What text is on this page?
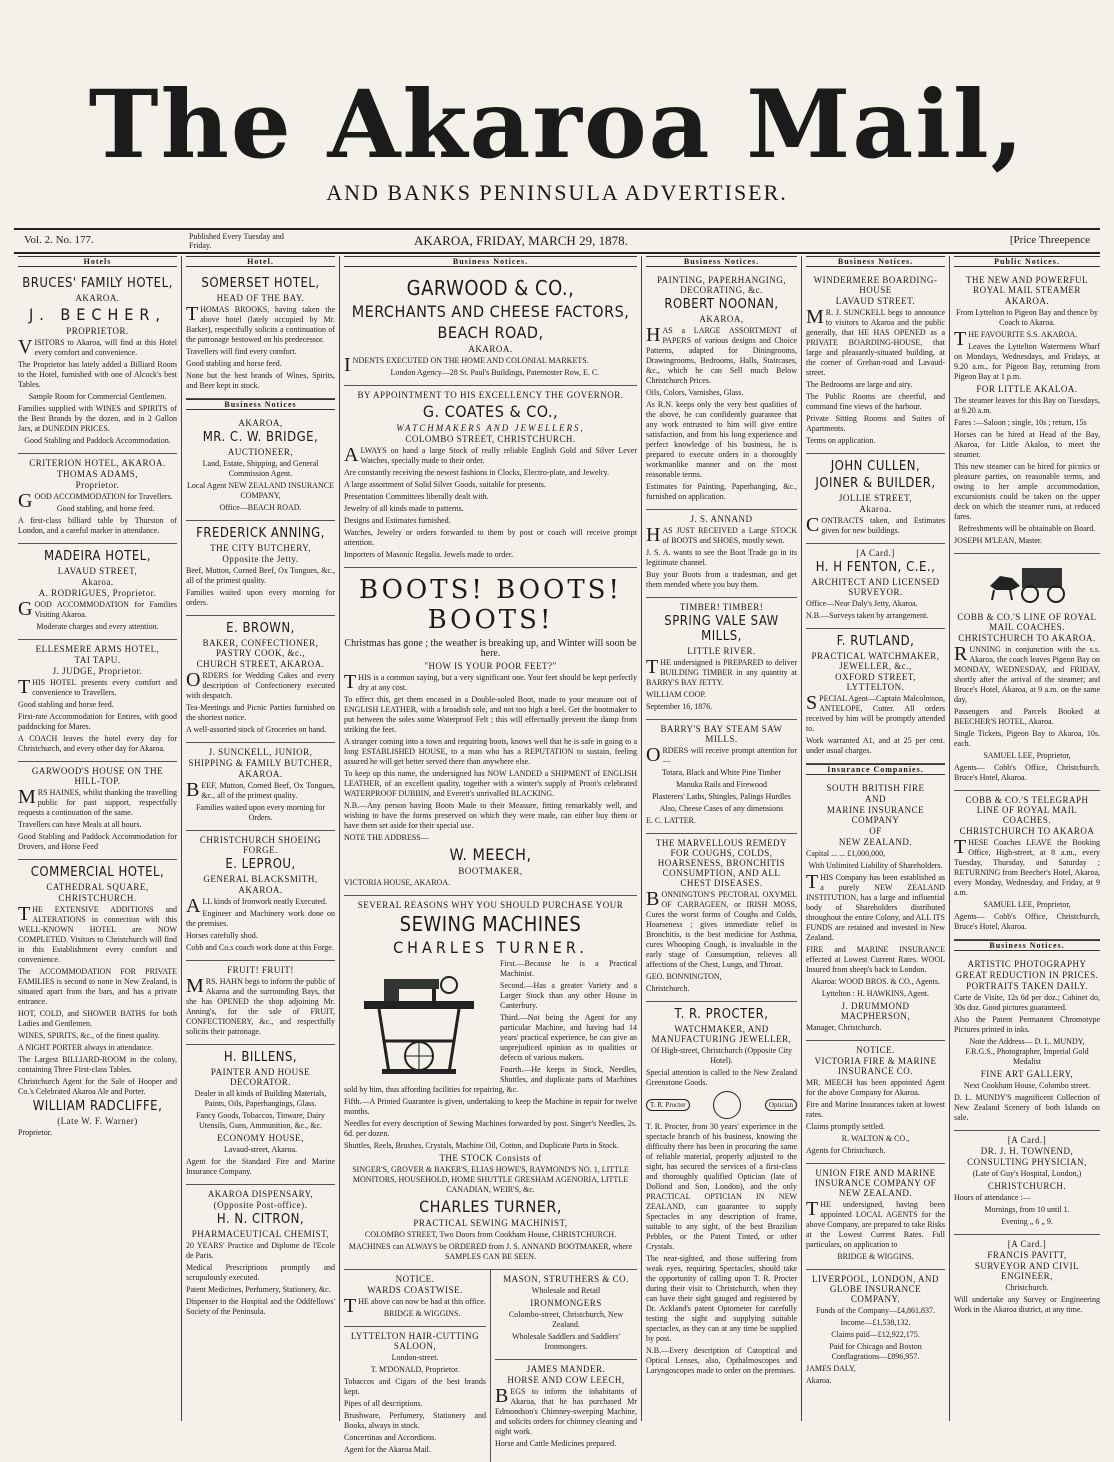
The Akaroa Mail,
AND BANKS PENINSULA ADVERTISER.
Vol. 2. No. 177.	Published Every Tuesday and Friday.	AKAROA, FRIDAY, MARCH 29, 1878.	[Price Threepence
Hotels
BRUCES' FAMILY HOTEL,
AKAROA.
J. BECHER,
PROPRIETOR.

VISITORS to Akaroa, will find at this Hotel every comfort and convenience.

The Proprietor has lately added a Billiard Room to the Hotel, furnished with one of Alcock's best Tables.

Sample Room for Commercial Gentlemen.

Families supplied with WINES and SPIRITS of the Best Brands by the dozen, and in 2 Gallon Jars, at DUNEDIN PRICES.

Good Stabling and Paddock Accommodation.

CRITERION HOTEL, AKAROA.
THOMAS ADAMS,
Proprietor.

GOOD ACCOMMODATION for Travellers.

Good stabling, and horse feed.

A first-class billiard table by Thurston of London, and a careful marker in attendance.

MADEIRA HOTEL,
LAVAUD STREET,
Akaroa.
A. RODRIGUES, Proprietor.

GOOD ACCOMMODATION for Families Visiting Akaroa.

Moderate charges and every attention.

ELLESMERE ARMS HOTEL,
TAI TAPU.
J. JUDGE, Proprietor.

THIS HOTEL presents every comfort and convenience to Travellers.

Good stabling and horse feed.

First-rate Accommodation for Entires, with good paddocking for Mares.

A COACH leaves the hotel every day for Christchurch, and every other day for Akaroa.

GARWOOD'S HOUSE ON THE HILL-TOP.

MRS HAINES, whilst thanking the travelling public for past support, respectfully requests a continuation of the same.

Travellers can have Meals at all hours.

Good Stabling and Paddock Accommodation for Drovers, and Horse Feed

COMMERCIAL HOTEL,
CATHEDRAL SQUARE,
CHRISTCHURCH.

THE EXTENSIVE ADDITIONS and ALTERATIONS in connection with this WELL-KNOWN HOTEL are NOW COMPLETED. Visitors to Christchurch will find in this Establishment every comfort and convenience.

The ACCOMMODATION FOR PRIVATE FAMILIES is second to none in New Zealand, is situated apart from the bars, and has a private entrance.

HOT, COLD, and SHOWER BATHS for both Ladies and Gentlemen.

WINES, SPIRITS, &c., of the finest quality.

A NIGHT PORTER always in attendance.

The Largest BILLIARD-ROOM in the colony, containing Three First-class Tables.

Christchurch Agent for the Sale of Hooper and Co.'s Celebrated Akaroa Ale and Porter.

WILLIAM RADCLIFFE,
(Late W. F. Warner)

Proprietor.

Hotel.
SOMERSET HOTEL,
HEAD OF THE BAY.

THOMAS BROOKS, having taken the above hotel (lately occupied by Mr. Barker), respectfully solicits a continuation of the patronage bestowed on his predecessor.

Travellers will find every comfort.

Good stabling and horse feed.

None but the best brands of Wines, Spirits, and Beer kept in stock.

Business Notices
AKAROA,
MR. C. W. BRIDGE,
AUCTIONEER,

Land, Estate, Shipping, and General Commission Agent.

Local Agent NEW ZEALAND INSURANCE COMPANY,

Office—BEACH ROAD.

FREDERICK ANNING,
THE CITY BUTCHERY,
Opposite the Jetty.

Beef, Mutton, Corned Beef, Ox Tongues, &c., all of the primest quality.

Families waited upon every morning for orders.

E. BROWN,
BAKER, CONFECTIONER, PASTRY COOK, &c.,
CHURCH STREET, AKAROA.

ORDERS for Wedding Cakes and every description of Confectionery executed with despatch.

Tea-Meetings and Picnic Parties furnished on the shortest notice.

A well-assorted stock of Groceries on hand.

J. SUNCKELL, JUNIOR,
SHIPPING & FAMILY BUTCHER,
AKAROA.

BEEF, Mutton, Corned Beef, Ox Tongues, &c., all of the primest quality.

Families waited upon every morning for Orders.

CHRISTCHURCH SHOEING FORGE.
E. LEPROU,
GENERAL BLACKSMITH,
AKAROA.

ALL kinds of Ironwork neatly Executed.

Engineer and Machinery work done on the premises.

Horses carefully shod.

Cobb and Co.s coach work done at this Forge.

FRUIT! FRUIT!

MRS. HAHN begs to inform the public of Akaroa and the surrounding Bays, that she has OPENED the shop adjoining Mr. Anning's, for the sale of FRUIT, CONFECTIONERY, &c., and respectfully solicits their patronage.

H. BILLENS,
PAINTER AND HOUSE DECORATOR.

Dealer in all kinds of Building Materials, Paints, Oils, Paperhangings, Glass.

Fancy Goods, Tobaccos, Tinware, Dairy Utensils, Guns, Ammunition, &c., &c.

ECONOMY HOUSE,

Lavaud-street, Akaroa.

Agent for the Standard Fire and Marine Insurance Company.

AKAROA DISPENSARY,
(Opposite Post-office).
H. N. CITRON,
PHARMACEUTICAL CHEMIST,

20 YEARS' Practice and Diplome de l'Ecole de Paris.

Medical Prescriptions promptly and scrupulously executed.

Patent Medicines, Perfumery, Stationery, &c.

Dispenser to the Hospital and the Oddfellows' Society of the Peninsula.

Business Notices.
GARWOOD & CO.,
MERCHANTS AND CHEESE FACTORS,
BEACH ROAD,
AKAROA.

INDENTS EXECUTED ON THE HOME AND COLONIAL MARKETS.

London Agency—28 St. Paul's Buildings, Paternoster Row, E. C.

BY APPOINTMENT TO HIS EXCELLENCY THE GOVERNOR.
G. COATES & CO.,
WATCHMAKERS AND JEWELLERS,
COLOMBO STREET, CHRISTCHURCH.

ALWAYS on hand a large Stock of really reliable English Gold and Silver Lever Watches, specially made to their order.

Are constantly receiving the newest fashions in Clocks, Electro-plate, and Jewelry.

A large assortment of Solid Silver Goods, suitable for presents.

Presentation Committees liberally dealt with.

Jewelry of all kinds made to patterns.

Designs and Estimates furnished.

Watches, Jewelry or orders forwarded to them by post or coach will receive prompt attention.

Importers of Masonic Regalia. Jewels made to order.

BOOTS! BOOTS! BOOTS!

Christmas has gone ; the weather is breaking up, and Winter will soon be here.

"HOW IS YOUR POOR FEET?"

THIS is a common saying, but a very significant one. Your feet should be kept perfectly dry at any cost.

To effect this, get them encased in a Double-soled Boot, made to your measure out of ENGLISH LEATHER, with a broadish sole, and not too high a heel. Get the bootmaker to put between the soles some Waterproof Felt ; this will effectually prevent the damp from striking the feet.

A stranger coming into a town and requiring boots, knows well that he is safe in going to a long ESTABLISHED HOUSE, to a man who has a REPUTATION to sustain, feeling assured he will get better served there than anywhere else.

To keep up this name, the undersigned has NOW LANDED a SHIPMENT of ENGLISH LEATHER, of an excellent quality, together with a winter's supply of Proot's celebrated WATERPROOF DUBBIN, and Everett's unrivalled BLACKING.

N.B.—Any person having Boots Made to their Measure, fitting remarkably well, and wishing to have the forms preserved on which they were made, can either buy them or have them set aside for their special use.

NOTE THE ADDRESS—

W. MEECH,
BOOTMAKER,

VICTORIA HOUSE, AKAROA.

SEVERAL REASONS WHY YOU SHOULD PURCHASE YOUR
SEWING MACHINES
CHARLES TURNER.

First.—Because he is a Practical Machinist.

Second.—Has a greater Variety and a Larger Stock than any other House in Canterbury.

Third.—Not being the Agent for any particular Machine, and having had 14 years' practical experience, he can give an unprejudiced opinion as to qualities or defects of various makers.

Fourth.—He keeps in Stock, Needles, Shuttles, and duplicate parts of Machines sold by him, thus affording facilities for repairing, &c.

Fifth.—A Printed Guarantee is given, undertaking to keep the Machine in repair for twelve months.

Needles for every description of Sewing Machines forwarded by post. Singer's Needles, 2s. 6d. per dozen.

Shuttles, Reels, Brushes, Crystals, Machine Oil, Cotton, and Duplicate Parts in Stock.

THE STOCK Consists of

SINGER'S, GROVER & BAKER'S, ELIAS HOWE'S, RAYMOND'S NO. 1, LITTLE MONITORS, HOUSEHOLD, HOME SHUTTLE GRESHAM AGENORIA, LITTLE CANADIAN, WEIR'S, &c.

CHARLES TURNER,
PRACTICAL SEWING MACHINIST,

COLOMBO STREET, Two Doors from Cookham House, CHRISTCHURCH.

MACHINES can ALWAYS be ORDERED from J. S. ANNAND BOOTMAKER, where SAMPLES CAN BE SEEN.

NOTICE.
WARDS COASTWISE.

THE above can now be had at this office.

BRIDGE & WIGGINS.

LYTTELTON HAIR-CUTTING SALOON,

London-street.

T. M'DONALD, Proprietor.

Tobaccos and Cigars of the best brands kept.

Pipes of all descriptions.

Brushware, Perfumery, Stationery and Books, always in stock.

Concertinas and Accordions.

Agent for the Akaroa Mail.

MASON, STRUTHERS & CO.

Wholesale and Retail

IRONMONGERS

Colombo-street, Christchurch, New Zealand.

Wholesale Saddlers and Saddlers' Ironmongers.

JAMES MANDER.
HORSE AND COW LEECH,

BEGS to inform the inhabitants of Akaroa, that he has purchased Mr Edmondson's Chimney-sweeping Machine, and solicits orders for chimney cleaning and night work.

Horse and Cattle Medicines prepared.

Business Notices.
PAINTING, PAPERHANGING, DECORATING, &c.
ROBERT NOONAN,
AKAROA,

HAS a LARGE ASSORTMENT of PAPERS of various designs and Choice Patterns, adapted for Diningrooms, Drawingrooms, Bedrooms, Halls, Staircases, &c., which he can Sell much Below Christchurch Prices.

Oils, Colors, Varnishes, Glass.

As R.N. keeps only the very best qualities of the above, he can confidently guarantee that any work entrusted to him will give entire satisfaction, and from his long experience and perfect knowledge of his business, he is prepared to execute orders in a thoroughly workmanlike manner and on the most reasonable terms.

Estimates for Painting, Paperhanging, &c., furnished on application.

J. S. ANNAND

HAS JUST RECEIVED a Large STOCK of BOOTS and SHOES, mostly sewn.

J. S. A. wants to see the Boot Trade go in its legitimate channel.

Buy your Boots from a tradesman, and get them mended where you buy them.

TIMBER! TIMBER!
SPRING VALE SAW MILLS,
LITTLE RIVER.

THE undersigned is PREPARED to deliver BUILDING TIMBER in any quantity at BARRY'S BAY JETTY.

WILLIAM COOP.

September 16, 1876.

BARRY'S BAY STEAM SAW MILLS.

ORDERS will receive prompt attention for—

Totara, Black and White Pine Timber

Manuka Rails and Firewood

Plasterers' Laths, Shingles, Palings Hurdles

Also, Cheese Cases of any dimensions

E. C. LATTER.

THE MARVELLOUS REMEDY FOR COUGHS, COLDS, HOARSENESS, BRONCHITIS CONSUMPTION, AND ALL CHEST DISEASES.

BONNINGTON'S PECTORAL OXYMEL OF CARRAGEEN, or IRISH MOSS, Cures the worst forms of Coughs and Colds, Hoarseness ; gives immediate relief in Bronchitis, is the best medicine for Asthma, cures Whooping Cough, is invaluable in the early stage of Consumption, relieves all affections of the Chest, Lungs, and Throat.

GEO. BONNINGTON,

Christchurch.

T. R. PROCTER,
WATCHMAKER, AND MANUFACTURING JEWELLER,

Of High-street, Christchurch (Opposite City Hotel).

Special attention is called to the New Zealand Greenstone Goods.

T. R. Procter	Optician

T. R. Procter, from 30 years' experience in the spectacle branch of his business, knowing the difficulty there has been in procuring the same of reliable material, properly adjusted to the sight, has secured the services of a first-class and thoroughly qualified Optician (late of Dollond and Son, London), and the only PRACTICAL OPTICIAN IN NEW ZEALAND, can guarantee to supply Spectacles in any description of frame, suitable to any sight, of the best Brazilian Pebbles, or the Patent Tinted, or other Crystals.

The near-sighted, and those suffering from weak eyes, requiring Spectacles, should take the opportunity of calling upon T. R. Procter during their visit to Christchurch, when they can have their sight gauged and registered by Dr. Ackland's patent Optometer for carefully testing the sight and supplying suitable spectacles, as they can at any time be supplied by post.

N.B.—Every description of Catoptical and Optical Lenses, also, Opthalmoscopes and Laryngoscopes made to order on the premises.

Business Notices.
WINDERMERE BOARDING-HOUSE
LAVAUD STREET.

MR. J. SUNCKELL begs to announce to visitors to Akaroa and the public generally, that HE HAS OPENED as a PRIVATE BOARDING-HOUSE, that large and pleasantly-situated building, at the corner of Grehan-road and Lavaud-street.

The Bedrooms are large and airy.

The Public Rooms are cheerful, and command fine views of the harbour.

Private Sitting Rooms and Suites of Apartments.

Terms on application.

JOHN CULLEN,
JOINER & BUILDER,
JOLLIE STREET,
Akaroa.

CONTRACTS taken, and Estimates given for new buildings.

[A Card.]
H. H FENTON, C.E.,
ARCHITECT AND LICENSED SURVEYOR.

Office—Near Daly's Jetty, Akaroa.

N.B.—Surveys taken by arrangement.

F. RUTLAND,
PRACTICAL WATCHMAKER, JEWELLER, &c.,
OXFORD STREET, LYTTELTON.

SPECIAL Agent—Captain Malcolmson, ANTELOPE, Cutter. All orders received by him will be promptly attended to.

Work warranted A1, and at 25 per cent. under usual charges.

Insurance Companies.
SOUTH BRITISH FIRE
AND
MARINE INSURANCE COMPANY
OF
NEW ZEALAND.

Capital ... ... £1,000,000,

With Unlimited Liability of Shareholders.

THIS Company has been established as a purely NEW ZEALAND INSTITUTION, has a large and influential body of Shareholders distributed throughout the entire Colony, and ALL ITS FUNDS are retained and invested in New Zealand.

FIRE and MARINE INSURANCE effected at Lowest Current Rates. WOOL Insured from sheep's back to London.

Akaroa: WOOD BROS. & CO., Agents.

Lyttelton : H. HAWKINS, Agent.

J. DRUMMOND MACPHERSON,

Manager, Christchurch.

NOTICE.
VICTORIA FIRE & MARINE INSURANCE CO.

MR. MEECH has been appointed Agent for the above Company for Akaroa.

Fire and Marine Insurances taken at lowest rates.

Claims promptly settled.

R. WALTON & CO.,

Agents for Christchurch.

UNION FIRE AND MARINE INSURANCE COMPANY OF NEW ZEALAND.

THE undersigned, having been appointed LOCAL AGENTS for the above Company, are prepared to take Risks at the Lowest Current Rates. Full particulars, on application to

BRIDGE & WIGGINS.

LIVERPOOL, LONDON, AND GLOBE INSURANCE COMPANY.

Funds of the Company—£4,861,837.

Income—£1,538,132.

Claims paid—£12,922,175.

Paid for Chicago and Boston Conflagrations—£896,957.

JAMES DALY,

Akaroa.

Public Notices.
THE NEW AND POWERFUL ROYAL MAIL STEAMER
AKAROA.

From Lyttelton to Pigeon Bay and thence by Coach to Akaroa.

THE FAVOURITE S.S. AKAROA.

Leaves the Lyttelton Watermens Wharf on Mondays, Wednesdays, and Fridays, at 9.20 a.m., for Pigeon Bay, returning from Pigeon Bay at 1 p.m.

FOR LITTLE AKALOA.

The steamer leaves for this Bay on Tuesdays, at 9.20 a.m.

Fares :—Saloon ; single, 10s ; return, 15s

Horses can be hired at Head of the Bay, Akaroa, for Little Akaloa, to meet the steamer.

This new steamer can be hired for picnics or pleasure parties, on reasonable terms, and owing to her ample accommodation, excursionists could be taken on the upper deck on which the steamer runs, at reduced fares.

Refreshments will be obtainable on Board.

JOSEPH M'LEAN, Master.

COBB & CO.'S LINE OF ROYAL MAIL COACHES.
CHRISTCHURCH TO AKAROA.

RUNNING in conjunction with the s.s. Akaroa, the coach leaves Pigeon Bay on MONDAY, WEDNESDAY, and FRIDAY, shortly after the arrival of the steamer; and Bruce's Hotel, Akaroa, at 9 a.m. on the same day,

Passengers and Parcels Booked at BEECHER'S HOTEL, Akaroa.

Single Tickets, Pigeon Bay to Akaroa, 10s. each.

SAMUEL LEE, Proprietor,

Agents— Cobb's Office, Christchurch. Bruce's Hotel, Akaroa.

COBB & CO.'S TELEGRAPH LINE OF ROYAL MAIL COACHES.
CHRISTCHURCH TO AKAROA

THESE Coaches LEAVE the Booking Office, High-street, at 8 a.m., every Tuesday, Thursday, and Saturday ; RETURNING from Beecher's Hotel, Akaroa, every Monday, Wednesday, and Friday, at 9 a.m.

SAMUEL LEE, Proprietor,

Agents— Cobb's Office, Christchurch, Bruce's Hotel, Akaroa.

Business Notices.
ARTISTIC PHOTOGRAPHY
GREAT REDUCTION IN PRICES.
PORTRAITS TAKEN DAILY.

Carte de Visite, 12s 6d per doz.; Cabinet do, 30s doz. Good pictures guaranteed.

Also the Patent Permanent Chromotype Pictures printed in inks.

Note the Address— D. L. MUNDY, F.R.G.S., Photographer, Imperial Gold Medalist

FINE ART GALLERY,

Next Cookham House, Colombo street.

D. L. MUNDY'S magnificent Collection of New Zealand Scenery of both Islands on sale.

[A Card.]
DR. J. H. TOWNEND,
CONSULTING PHYSICIAN,

(Late of Guy's Hospital, London,)

CHRISTCHURCH.

Hours of attendance :—

Mornings, from 10 until 1.

Evening „ 6 „ 9.

[A Card.]
FRANCIS PAVITT,
SURVEYOR AND CIVIL ENGINEER,

Christchurch.

Will undertake any Survey or Engineering Work in the Akaroa district, at any time.
